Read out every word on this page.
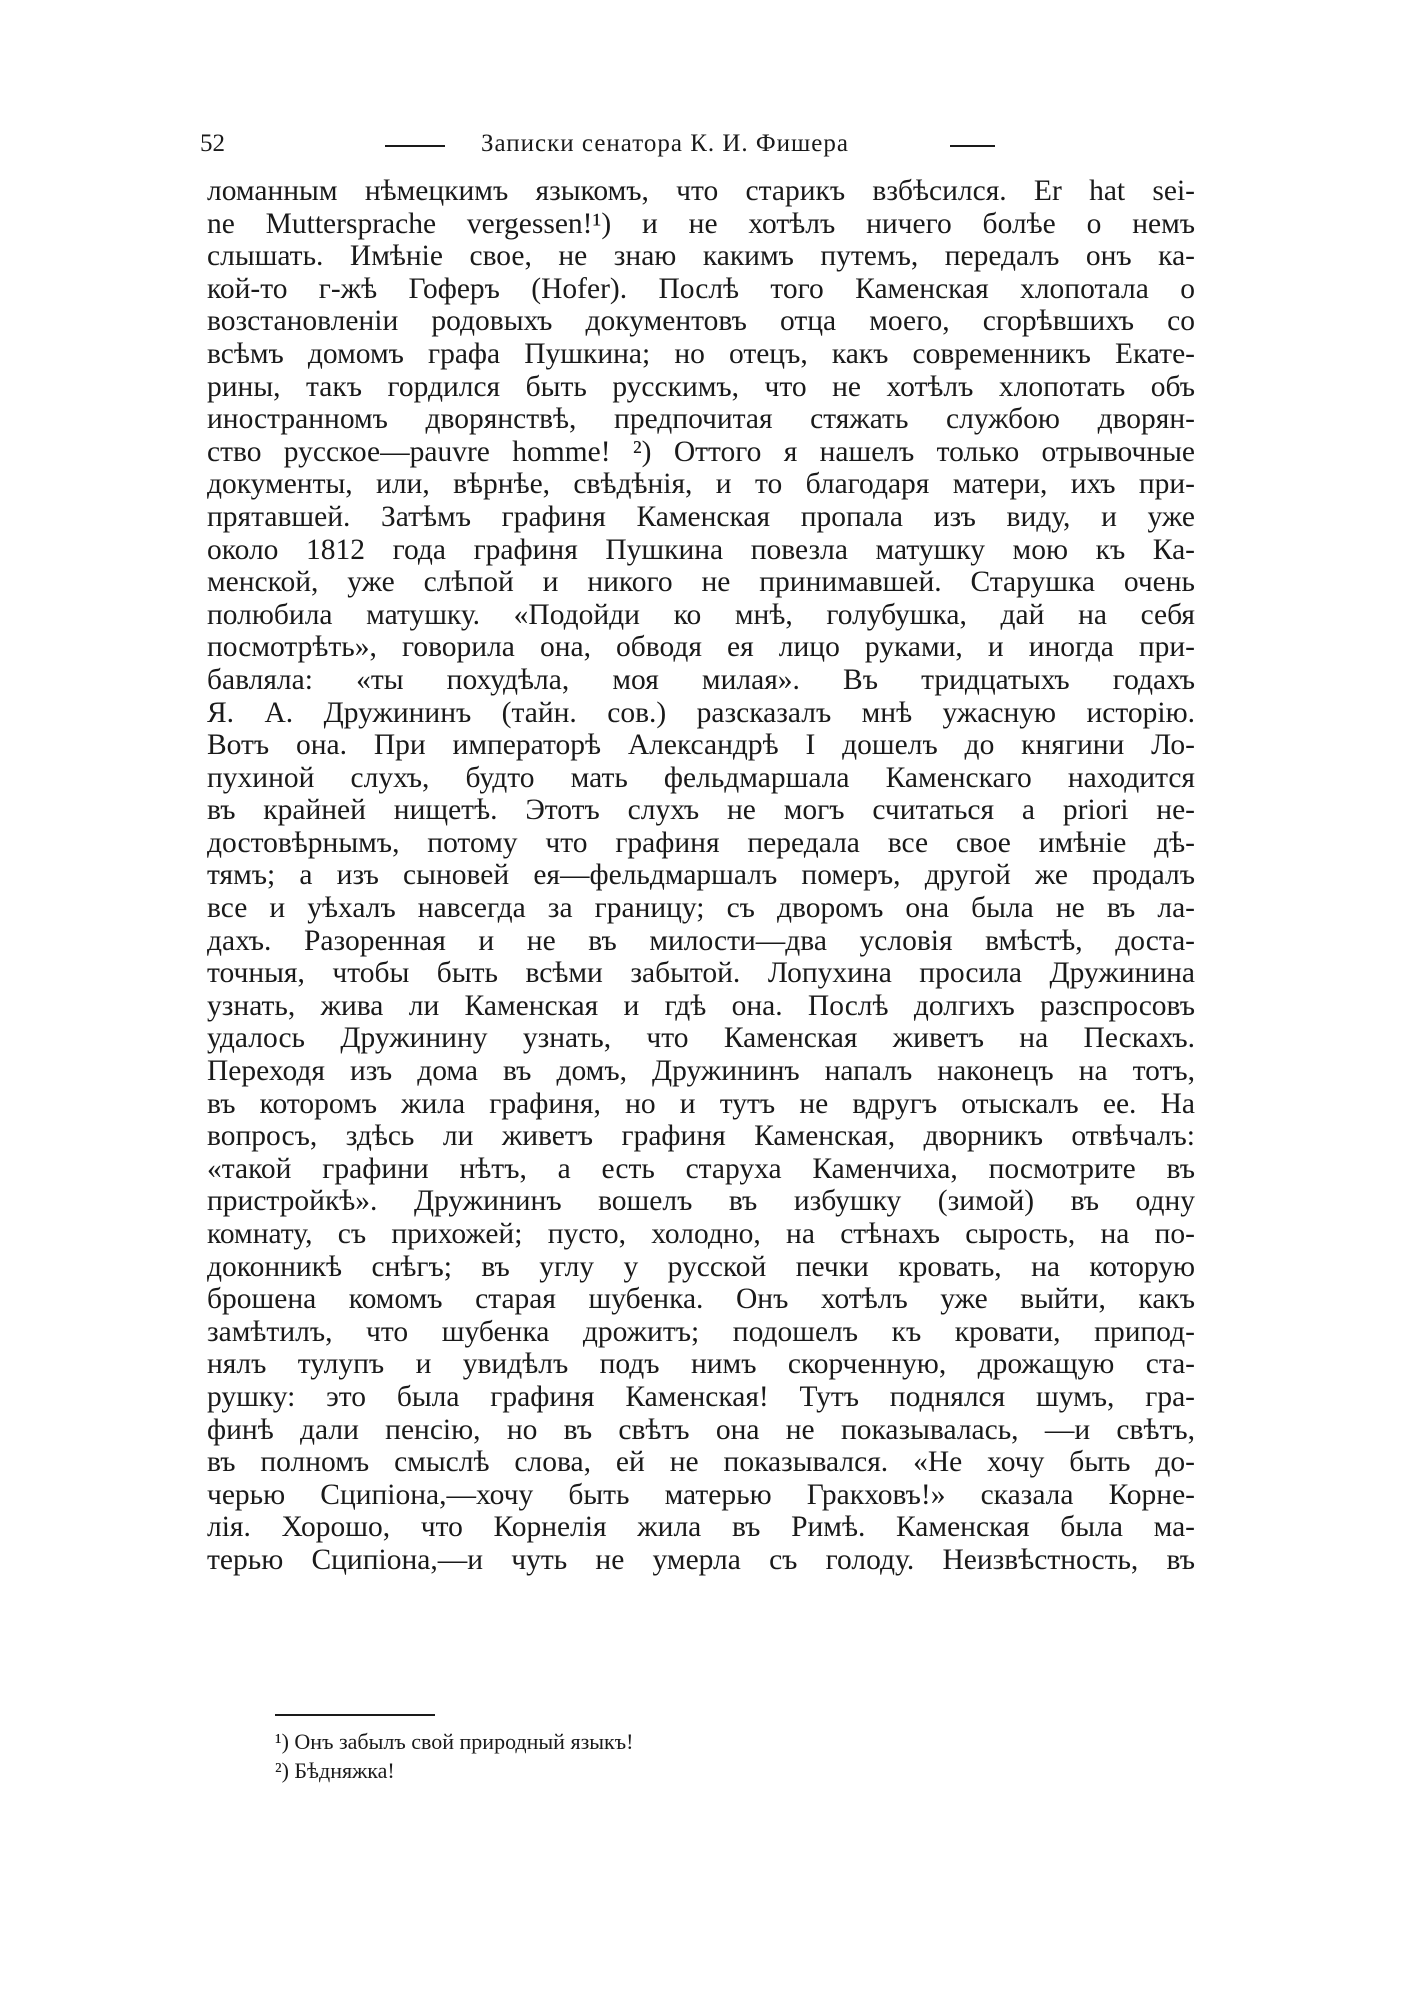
52	Записки сенатора К. И. Фишера
ломанным нѣмецкимъ языкомъ, что старикъ взбѣсился. Er hat sei-
ne Muttersprache vergessen!¹) и не хотѣлъ ничего болѣе о немъ
слышать. Имѣніе свое, не знаю какимъ путемъ, передалъ онъ ка-
кой-то г-жѣ Гоферъ (Hofer). Послѣ того Каменская хлопотала о
возстановленіи родовыхъ документовъ отца моего, сгорѣвшихъ со
всѣмъ домомъ графа Пушкина; но отецъ, какъ современникъ Екате-
рины, такъ гордился быть русскимъ, что не хотѣлъ хлопотать объ
иностранномъ дворянствѣ, предпочитая стяжать службою дворян-
ство русское—pauvre homme! ²) Оттого я нашелъ только отрывочные
документы, или, вѣрнѣе, свѣдѣнія, и то благодаря матери, ихъ при-
прятавшей. Затѣмъ графиня Каменская пропала изъ виду, и уже
около 1812 года графиня Пушкина повезла матушку мою къ Ка-
менской, уже слѣпой и никого не принимавшей. Старушка очень
полюбила матушку. «Подойди ко мнѣ, голубушка, дай на себя
посмотрѣть», говорила она, обводя ея лицо руками, и иногда при-
бавляла: «ты похудѣла, моя милая». Въ тридцатыхъ годахъ
Я. А. Дружининъ (тайн. сов.) разсказалъ мнѣ ужасную исторію.
Вотъ она. При императорѣ Александрѣ I дошелъ до княгини Ло-
пухиной слухъ, будто мать фельдмаршала Каменскаго находится
въ крайней нищетѣ. Этотъ слухъ не могъ считаться a priori не-
достовѣрнымъ, потому что графиня передала все свое имѣніе дѣ-
тямъ; а изъ сыновей ея—фельдмаршалъ померъ, другой же продалъ
все и уѣхалъ навсегда за границу; съ дворомъ она была не въ ла-
дахъ. Разоренная и не въ милости—два условія вмѣстѣ, доста-
точныя, чтобы быть всѣми забытой. Лопухина просила Дружинина
узнать, жива ли Каменская и гдѣ она. Послѣ долгихъ разспросовъ
удалось Дружинину узнать, что Каменская живетъ на Пескахъ.
Переходя изъ дома въ домъ, Дружининъ напалъ наконецъ на тотъ,
въ которомъ жила графиня, но и тутъ не вдругъ отыскалъ ее. На
вопросъ, здѣсь ли живетъ графиня Каменская, дворникъ отвѣчалъ:
«такой графини нѣтъ, а есть старуха Каменчиха, посмотрите въ
пристройкѣ». Дружининъ вошелъ въ избушку (зимой) въ одну
комнату, съ прихожей; пусто, холодно, на стѣнахъ сырость, на по-
доконникѣ снѣгъ; въ углу у русской печки кровать, на которую
брошена комомъ старая шубенка. Онъ хотѣлъ уже выйти, какъ
замѣтилъ, что шубенка дрожитъ; подошелъ къ кровати, припод-
нялъ тулупъ и увидѣлъ подъ нимъ скорченную, дрожащую ста-
рушку: это была графиня Каменская! Тутъ поднялся шумъ, гра-
финѣ дали пенсію, но въ свѣтъ она не показывалась, —и свѣтъ,
въ полномъ смыслѣ слова, ей не показывался. «Не хочу быть до-
черью Сципіона,—хочу быть матерью Гракховъ!» сказала Корне-
лія. Хорошо, что Корнелія жила въ Римѣ. Каменская была ма-
терью Сципіона,—и чуть не умерла съ голоду. Неизвѣстность, въ
¹) Онъ забылъ свой природный языкъ!
²) Бѣдняжка!
